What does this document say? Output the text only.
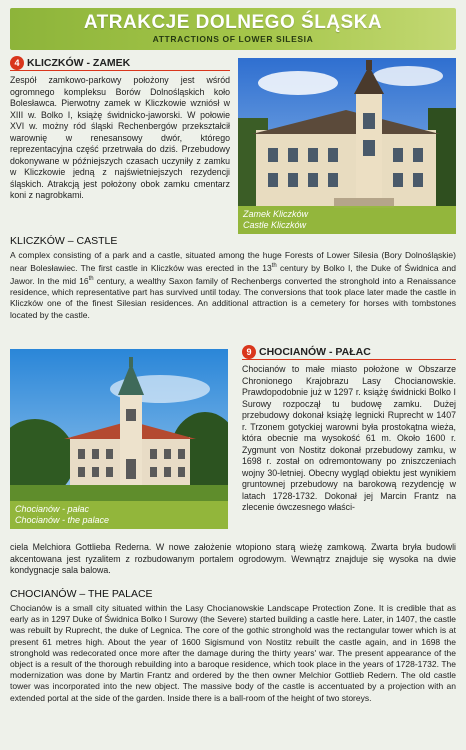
ATRAKCJE DOLNEGO ŚLĄSKA
ATTRACTIONS OF LOWER SILESIA
4 KLICZKÓW - ZAMEK

Zespół zamkowo-parkowy położony jest wśród ogromnego kompleksu Borów Dolnośląskich koło Bolesławca. Pierwotny zamek w Kliczkowie wzniósł w XIII w. Bolko I, książę świdnicko-jaworski. W połowie XVI w. możny ród śląski Rechenbergów przekształcił warownię w renesansowy dwór, którego reprezentacyjna część przetrwała do dziś. Przebudowy dokonywane w późniejszych czasach uczyniły z zamku w Kliczkowie jedną z najświetniejszych rezydencji śląskich. Atrakcją jest położony obok zamku cmentarz koni z nagrobkami.

Zamek Kliczków
Castle Kliczków
KLICZKÓW – CASTLE

A complex consisting of a park and a castle, situated among the huge Forests of Lower Silesia (Bory Dolnośląskie) near Bolesławiec. The first castle in Kliczków was erected in the 13th century by Bolko I, the Duke of Świdnica and Jawor. In the mid 16th century, a wealthy Saxon family of Rechenbergs converted the stronghold into a Renaissance residence, which representative part has survived until today. The conversions that took place later made the castle in Kliczków one of the finest Silesian residences. An additional attraction is a cemetery for horses with tombstones located by the castle.

Chocianów - pałac
Chocianów - the palace
9 CHOCIANÓW - PAŁAC

Chocianów to małe miasto położone w Obszarze Chronionego Krajobrazu Lasy Chocianowskie. Prawdopodobnie już w 1297 r. książę świdnicki Bolko I Surowy rozpoczął tu budowę zamku. Dużej przebudowy dokonał książę legnicki Ruprecht w 1407 r. Trzonem gotyckiej warowni była prostokątna wieża, która obecnie ma wysokość 61 m. Około 1600 r. Zygmunt von Nostitz dokonał przebudowy zamku, w 1698 r. został on odremontowany po zniszczeniach wojny 30-letniej. Obecny wygląd obiektu jest wynikiem gruntownej przebudowy na barokową rezydencję w latach 1728-1732. Dokonał jej Marcin Frantz na zlecenie ówczesnego właści-

ciela Melchiora Gottlieba Rederna. W nowe założenie wtopiono starą wieżę zamkową. Zwarta bryła budowli akcentowana jest ryzalitem z rozbudowanym portalem ogrodowym. Wewnątrz znajduje się wysoka na dwie kondygnacje sala balowa.

CHOCIANÓW – THE PALACE

Chocianów is a small city situated within the Lasy Chocianowskie Landscape Protection Zone. It is credible that as early as in 1297 Duke of Świdnica Bolko I Surowy (the Severe) started building a castle here. Later, in 1407, the castle was rebuilt by Ruprecht, the duke of Legnica. The core of the gothic stronghold was the rectangular tower which is at present 61 metres high. About the year of 1600 Sigismund von Nostitz rebuilt the castle again, and in 1698 the stronghold was redecorated once more after the damage during the thirty years' war. The present appearance of the object is a result of the thorough rebuilding into a baroque residence, which took place in the years of 1728-1732. The modernization was done by Martin Frantz and ordered by the then owner Melchior Gottlieb Redern. The old castle tower was incorporated into the new object. The massive body of the castle is accentuated by a projection with an extended portal at the side of the garden. Inside there is a ball-room of the height of two storeys.
